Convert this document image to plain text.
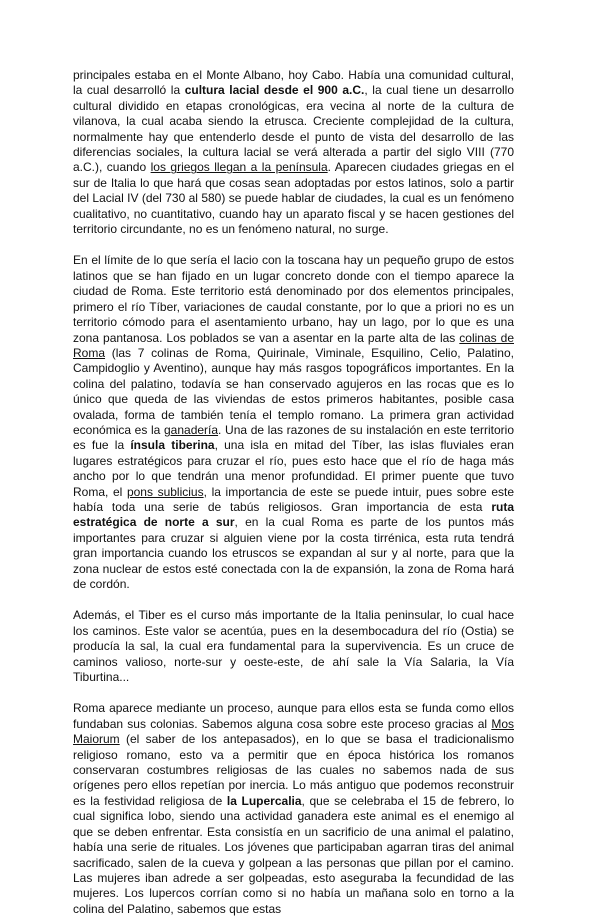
principales estaba en el Monte Albano, hoy Cabo. Había una comunidad cultural, la cual desarrolló la cultura lacial desde el 900 a.C., la cual tiene un desarrollo cultural dividido en etapas cronológicas, era vecina al norte de la cultura de vilanova, la cual acaba siendo la etrusca. Creciente complejidad de la cultura, normalmente hay que entenderlo desde el punto de vista del desarrollo de las diferencias sociales, la cultura lacial se verá alterada a partir del siglo VIII (770 a.C.), cuando los griegos llegan a la península. Aparecen ciudades griegas en el sur de Italia lo que hará que cosas sean adoptadas por estos latinos, solo a partir del Lacial IV (del 730 al 580) se puede hablar de ciudades, la cual es un fenómeno cualitativo, no cuantitativo, cuando hay un aparato fiscal y se hacen gestiones del territorio circundante, no es un fenómeno natural, no surge.

En el límite de lo que sería el lacio con la toscana hay un pequeño grupo de estos latinos que se han fijado en un lugar concreto donde con el tiempo aparece la ciudad de Roma. Este territorio está denominado por dos elementos principales, primero el río Tíber, variaciones de caudal constante, por lo que a priori no es un territorio cómodo para el asentamiento urbano, hay un lago, por lo que es una zona pantanosa. Los poblados se van a asentar en la parte alta de las colinas de Roma (las 7 colinas de Roma, Quirinale, Viminale, Esquilino, Celio, Palatino, Campidoglio y Aventino), aunque hay más rasgos topográficos importantes. En la colina del palatino, todavía se han conservado agujeros en las rocas que es lo único que queda de las viviendas de estos primeros habitantes, posible casa ovalada, forma de también tenía el templo romano. La primera gran actividad económica es la ganadería. Una de las razones de su instalación en este territorio es fue la ínsula tiberina, una isla en mitad del Tíber, las islas fluviales eran lugares estratégicos para cruzar el río, pues esto hace que el río de haga más ancho por lo que tendrán una menor profundidad. El primer puente que tuvo Roma, el pons sublicius, la importancia de este se puede intuir, pues sobre este había toda una serie de tabús religiosos. Gran importancia de esta ruta estratégica de norte a sur, en la cual Roma es parte de los puntos más importantes para cruzar si alguien viene por la costa tirrénica, esta ruta tendrá gran importancia cuando los etruscos se expandan al sur y al norte, para que la zona nuclear de estos esté conectada con la de expansión, la zona de Roma hará de cordón.

Además, el Tiber es el curso más importante de la Italia peninsular, lo cual hace los caminos. Este valor se acentúa, pues en la desembocadura del río (Ostia) se producía la sal, la cual era fundamental para la supervivencia. Es un cruce de caminos valioso, norte-sur y oeste-este, de ahí sale la Vía Salaria, la Vía Tiburtina...

Roma aparece mediante un proceso, aunque para ellos esta se funda como ellos fundaban sus colonias. Sabemos alguna cosa sobre este proceso gracias al Mos Maiorum (el saber de los antepasados), en lo que se basa el tradicionalismo religioso romano, esto va a permitir que en época histórica los romanos conservaran costumbres religiosas de las cuales no sabemos nada de sus orígenes pero ellos repetían por inercia. Lo más antiguo que podemos reconstruir es la festividad religiosa de la Lupercalia, que se celebraba el 15 de febrero, lo cual significa lobo, siendo una actividad ganadera este animal es el enemigo al que se deben enfrentar. Esta consistía en un sacrificio de una animal el palatino, había una serie de rituales. Los jóvenes que participaban agarran tiras del animal sacrificado, salen de la cueva y golpean a las personas que pillan por el camino. Las mujeres iban adrede a ser golpeadas, esto aseguraba la fecundidad de las mujeres. Los lupercos corrían como si no había un mañana solo en torno a la colina del Palatino, sabemos que estas
